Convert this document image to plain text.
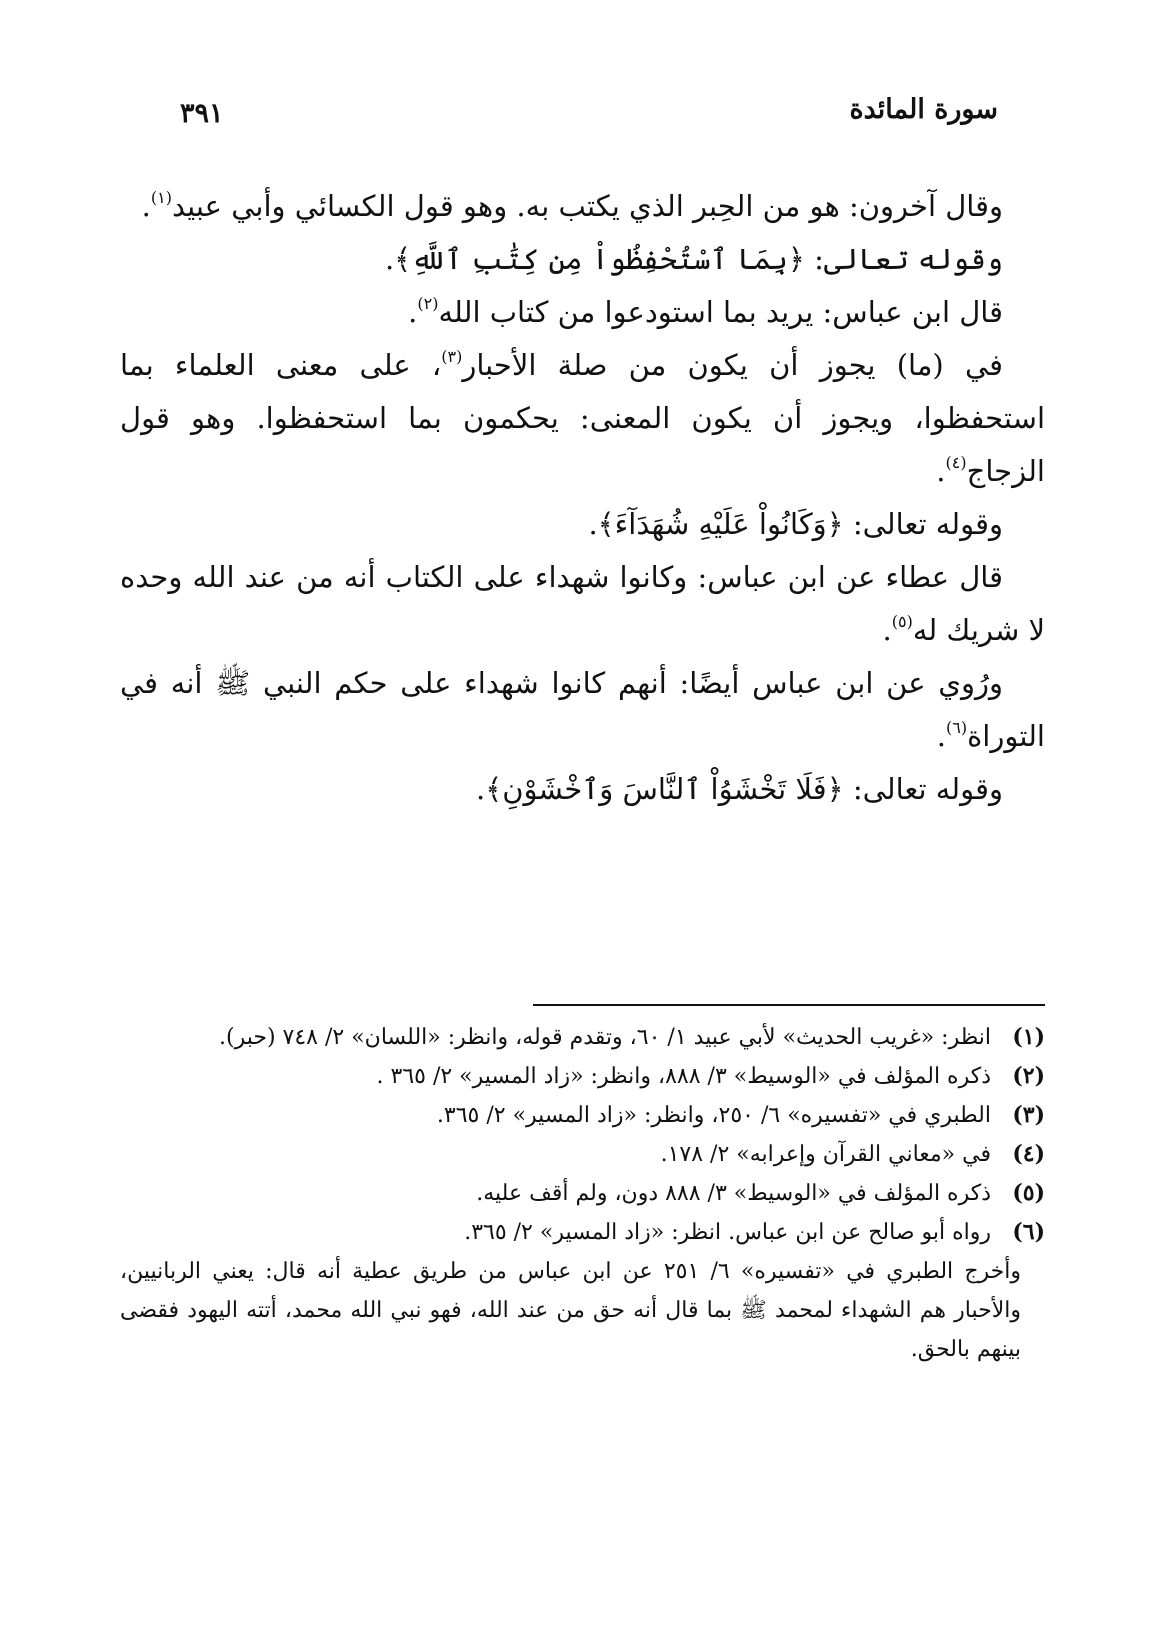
سورة المائدة
٣٩١

وقال آخرون: هو من الحِبر الذي يكتب به. وهو قول الكسائي وأبي عبيد$^{(١)}$.

وقوله تعالى: ﴿بِمَا ٱسْتُحْفِظُواْ مِن كِتَٰبِ ٱللَّهِ﴾.

قال ابن عباس: يريد بما استودعوا من كتاب الله$^{(٢)}$.

في (ما) يجوز أن يكون من صلة الأحبار$^{(٣)}$، على معنى العلماء بما استحفظوا، ويجوز أن يكون المعنى: يحكمون بما استحفظوا. وهو قول الزجاج$^{(٤)}$.

وقوله تعالى: ﴿وَكَانُواْ عَلَيْهِ شُهَدَآءَ﴾.

قال عطاء عن ابن عباس: وكانوا شهداء على الكتاب أنه من عند الله وحده لا شريك له$^{(٥)}$.

ورُوي عن ابن عباس أيضًا: أنهم كانوا شهداء على حكم النبي ﷺ أنه في التوراة$^{(٦)}$.

وقوله تعالى: ﴿فَلَا تَخْشَوُاْ ٱلنَّاسَ وَٱخْشَوْنِ﴾.

(١)
انظر: «غريب الحديث» لأبي عبيد ١/ ٦٠، وتقدم قوله، وانظر: «اللسان» ٢/ ٧٤٨ (حبر).
(٢)
ذكره المؤلف في «الوسيط» ٣/ ٨٨٨، وانظر: «زاد المسير» ٢/ ٣٦٥ .
(٣)
الطبري في «تفسيره» ٦/ ٢٥٠، وانظر: «زاد المسير» ٢/ ٣٦٥.
(٤)
في «معاني القرآن وإعرابه» ٢/ ١٧٨.
(٥)
ذكره المؤلف في «الوسيط» ٣/ ٨٨٨ دون، ولم أقف عليه.
(٦)
رواه أبو صالح عن ابن عباس. انظر: «زاد المسير» ٢/ ٣٦٥.
وأخرج الطبري في «تفسيره» ٦/ ٢٥١ عن ابن عباس من طريق عطية أنه قال: يعني الربانيين، والأحبار هم الشهداء لمحمد ﷺ بما قال أنه حق من عند الله، فهو نبي الله محمد، أتته اليهود فقضى بينهم بالحق.
